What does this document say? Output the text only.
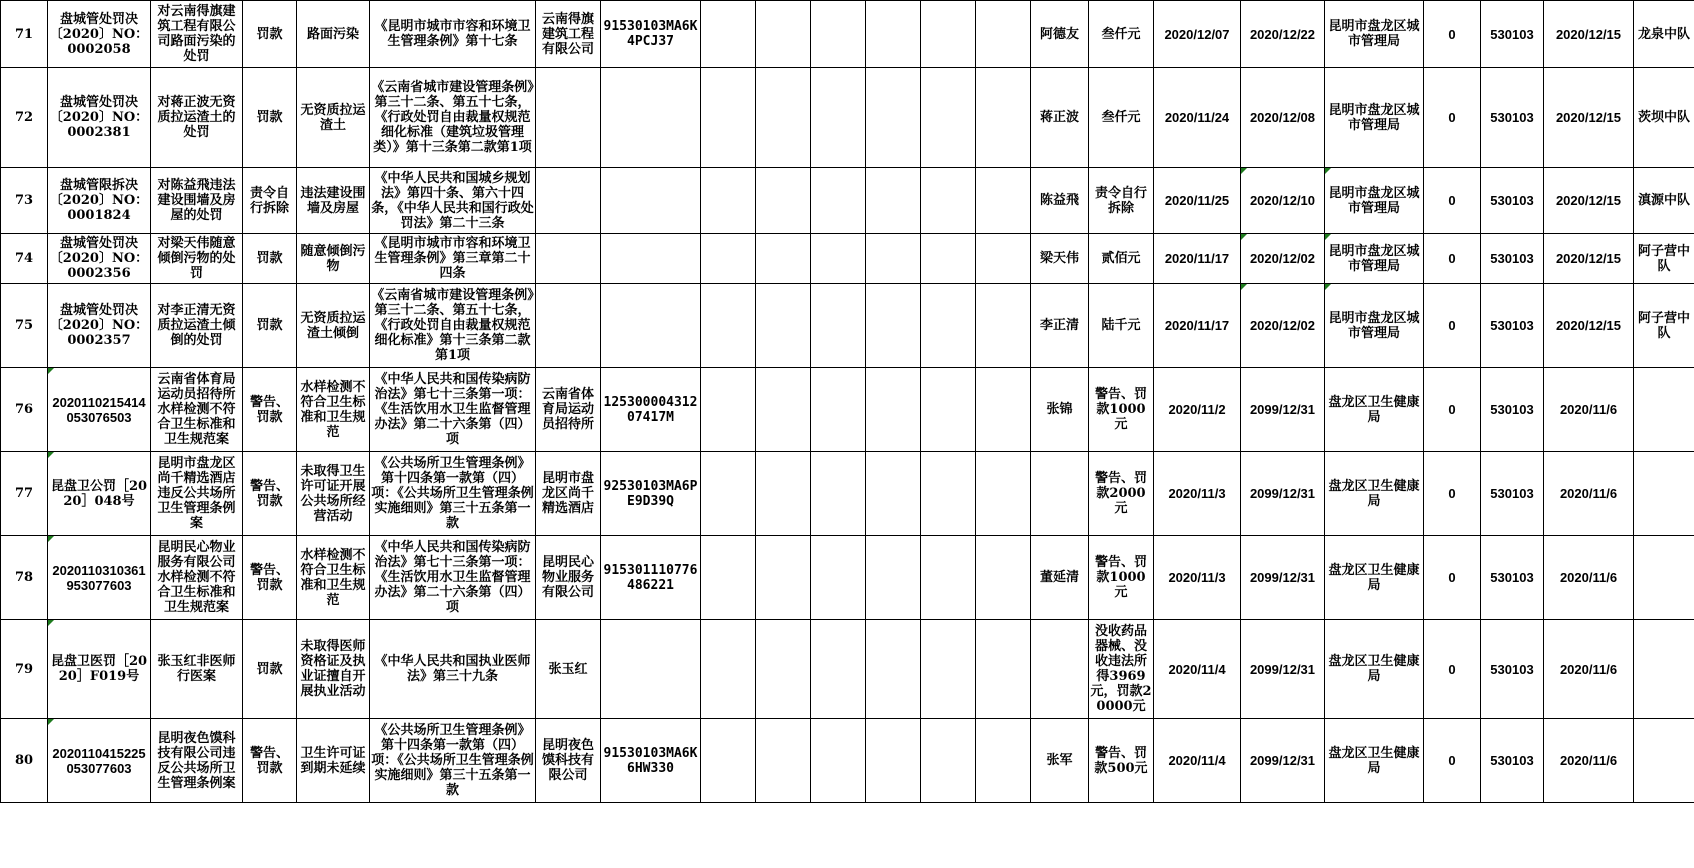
71	盘城管处罚决〔2020〕NO：0002058	对云南得旗建筑工程有限公司路面污染的处罚	罚款	路面污染	《昆明市城市市容和环境卫生管理条例》第十七条	云南得旗建筑工程有限公司	91530103MA6K4PCJ37							阿德友	叁仟元	2020/12/07	2020/12/22	昆明市盘龙区城市管理局	0	530103	2020/12/15	龙泉中队
72	盘城管处罚决〔2020〕NO：0002381	对蒋正波无资质拉运渣土的处罚	罚款	无资质拉运渣土	《云南省城市建设管理条例》第三十二条、第五十七条，《行政处罚自由裁量权规范细化标准（建筑垃圾管理类）》第十三条第二款第1项									蒋正波	叁仟元	2020/11/24	2020/12/08	昆明市盘龙区城市管理局	0	530103	2020/12/15	茨坝中队
73	盘城管限拆决〔2020〕NO：0001824	对陈益飛违法建设围墙及房屋的处罚	责令自行拆除	违法建设围墙及房屋	《中华人民共和国城乡规划法》第四十条、第六十四条，《中华人民共和国行政处罚法》第二十三条									陈益飛	责令自行拆除	2020/11/25	2020/12/10	昆明市盘龙区城市管理局	0	530103	2020/12/15	滇源中队
74	盘城管处罚决〔2020〕NO：0002356	对梁天伟随意倾倒污物的处罚	罚款	随意倾倒污物	《昆明市城市市容和环境卫生管理条例》第三章第二十四条									梁天伟	贰佰元	2020/11/17	2020/12/02	昆明市盘龙区城市管理局	0	530103	2020/12/15	阿子营中队
75	盘城管处罚决〔2020〕NO：0002357	对李正清无资质拉运渣土倾倒的处罚	罚款	无资质拉运渣土倾倒	《云南省城市建设管理条例》第三十二条、第五十七条，《行政处罚自由裁量权规范细化标准》第十三条第二款第1项									李正清	陆千元	2020/11/17	2020/12/02	昆明市盘龙区城市管理局	0	530103	2020/12/15	阿子营中队
76	2020110215414053076503	云南省体育局运动员招待所水样检测不符合卫生标准和卫生规范案	警告、罚款	水样检测不符合卫生标准和卫生规范	《中华人民共和国传染病防治法》第七十三条第一项：《生活饮用水卫生监督管理办法》第二十六条第（四）项	云南省体育局运动员招待所	12530000431207417M							张锦	警告、罚款1000元	2020/11/2	2099/12/31	盘龙区卫生健康局	0	530103	2020/11/6	
77	昆盘卫公罚［2020］048号	昆明市盘龙区尚千精选酒店违反公共场所卫生管理条例案	警告、罚款	未取得卫生许可证开展公共场所经营活动	《公共场所卫生管理条例》第十四条第一款第（四）项：《公共场所卫生管理条例实施细则》第三十五条第一款	昆明市盘龙区尚千精选酒店	92530103MA6PE9D39Q								警告、罚款2000元	2020/11/3	2099/12/31	盘龙区卫生健康局	0	530103	2020/11/6	
78	2020110310361953077603	昆明民心物业服务有限公司水样检测不符合卫生标准和卫生规范案	警告、罚款	水样检测不符合卫生标准和卫生规范	《中华人民共和国传染病防治法》第七十三条第一项：《生活饮用水卫生监督管理办法》第二十六条第（四）项	昆明民心物业服务有限公司	915301110776486221							董延清	警告、罚款1000元	2020/11/3	2099/12/31	盘龙区卫生健康局	0	530103	2020/11/6	
79	昆盘卫医罚［2020］F019号	张玉红非医师行医案	罚款	未取得医师资格证及执业证擅自开展执业活动	《中华人民共和国执业医师法》第三十九条	张玉红									没收药品器械、没收违法所得3969元，罚款20000元	2020/11/4	2099/12/31	盘龙区卫生健康局	0	530103	2020/11/6	
80	2020110415225053077603	昆明夜色馍科技有限公司违反公共场所卫生管理条例案	警告、罚款	卫生许可证到期未延续	《公共场所卫生管理条例》第十四条第一款第（四）项：《公共场所卫生管理条例实施细则》第三十五条第一款	昆明夜色馍科技有限公司	91530103MA6K6HW330							张军	警告、罚款500元	2020/11/4	2099/12/31	盘龙区卫生健康局	0	530103	2020/11/6	
